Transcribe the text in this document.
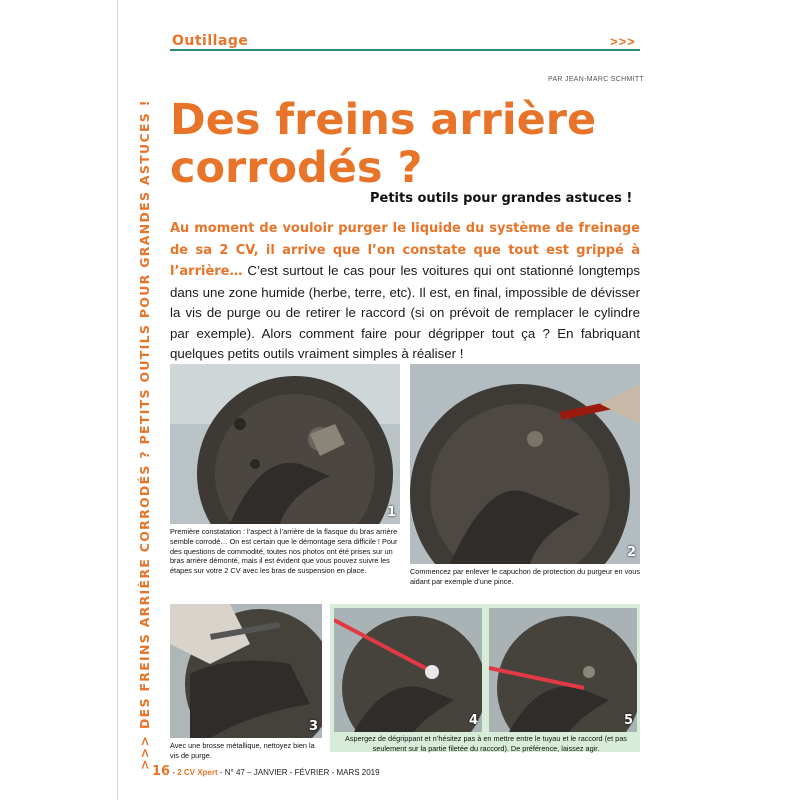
Outillage	>>>
>>> DES FREINS ARRIÈRE CORRODÉS ? PETITS OUTILS POUR GRANDES ASTUCES !
PAR JEAN-MARC SCHMITT
Des freins arrière
corrodés ?
Petits outils pour grandes astuces !
Au moment de vouloir purger le liquide du système de freinage de sa 2 CV, il arrive que l’on constate que tout est grippé à l’arrière… C’est surtout le cas pour les voitures qui ont stationné longtemps dans une zone humide (herbe, terre, etc). Il est, en final, impossible de dévisser la vis de purge ou de retirer le raccord (si on prévoit de remplacer le cylindre par exemple). Alors comment faire pour dégripper tout ça ? En fabriquant quelques petits outils vraiment simples à réaliser !
1
Première constatation : l’aspect à l’arrière de la flasque du bras arrière semble corrodé… On est certain que le démontage sera difficile ! Pour des questions de commodité, toutes nos photos ont été prises sur un bras arrière démonté, mais il est évident que vous pouvez suivre les étapes sur votre 2 CV avec les bras de suspension en place.
2
Commencez par enlever le capuchon de protection du purgeur en vous aidant par exemple d’une pince.
3
Avec une brosse métallique, nettoyez bien la vis de purge.
4	5
Aspergez de dégrippant et n’hésitez pas à en mettre entre le tuyau et le raccord (et pas seulement sur la partie filetée du raccord). De préférence, laissez agir.
16 - 2 CV Xpert - N° 47 – JANVIER - FÉVRIER - MARS 2019
